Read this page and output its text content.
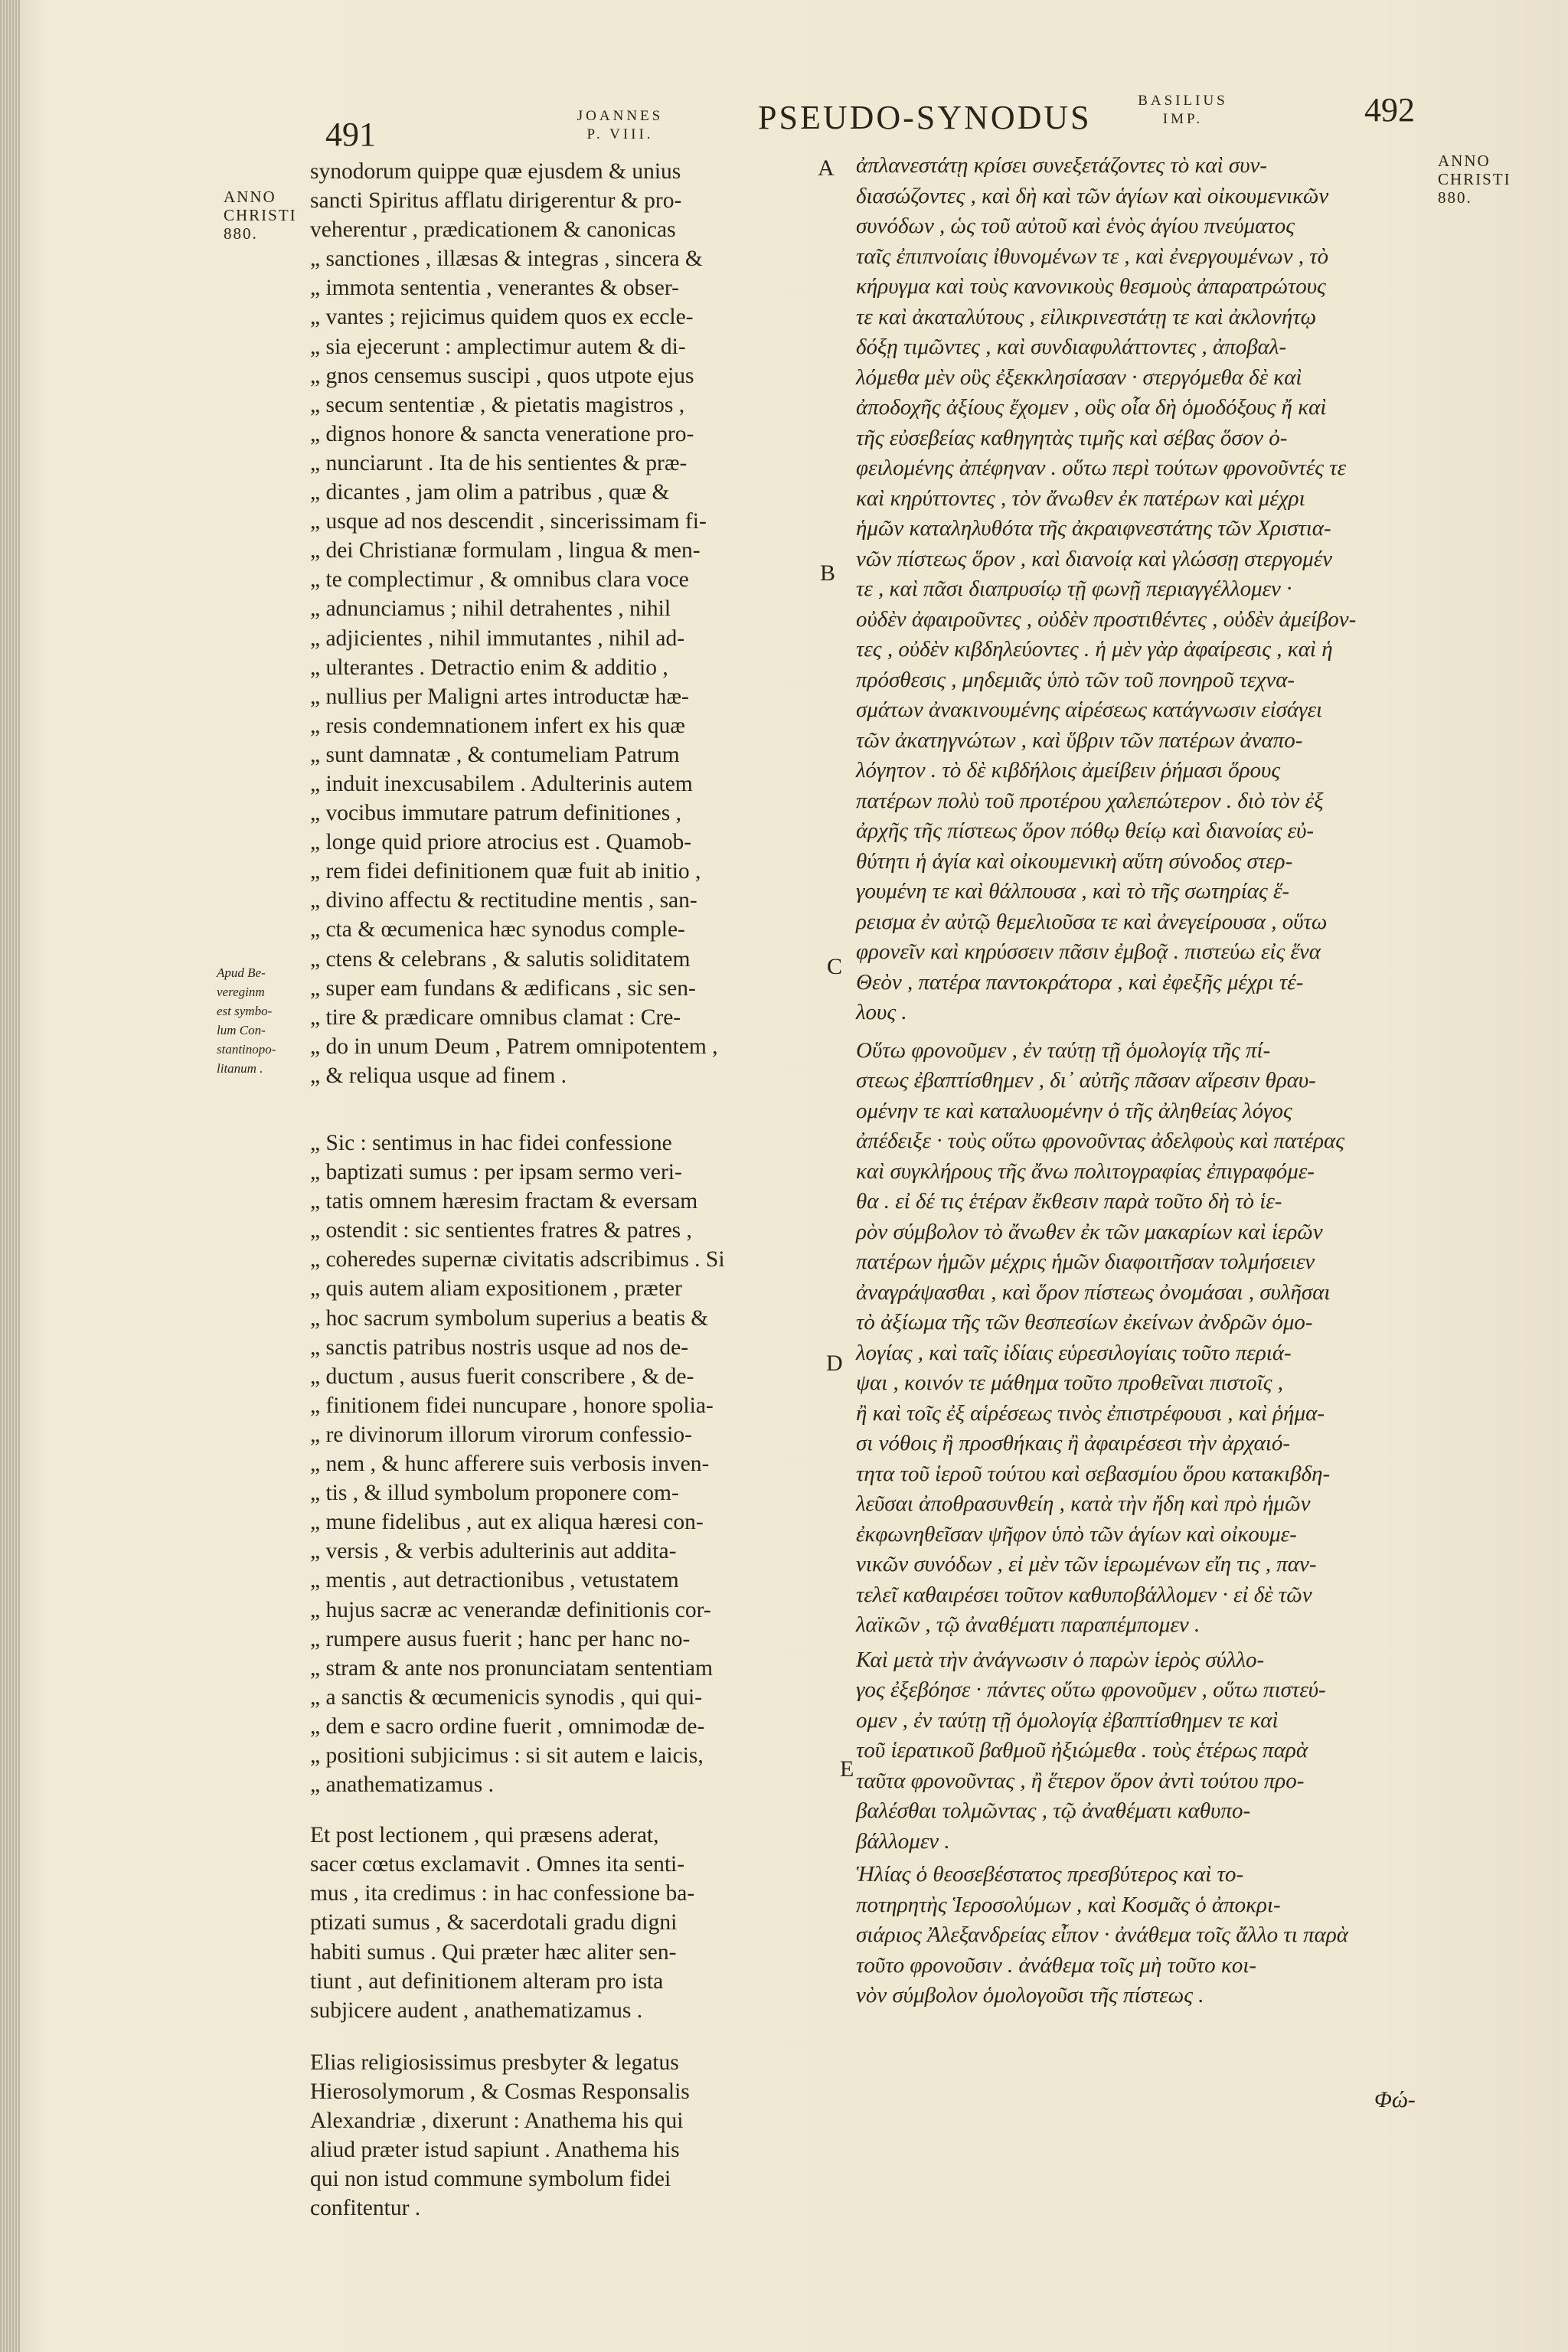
491	JOANNES
P. VIII.	PSEUDO-SYNODUS	BASILIUS
IMP.	492
ANNO
CHRISTI
880.
ANNO
CHRISTI
880.
Apud Be-
vereginm
est symbo-
lum Con-
stantinopo-
litanum .
A
B
C
D
E

synodorum quippe quæ ejusdem & unius
sancti Spiritus afflatu dirigerentur & pro-
veherentur , prædicationem & canonicas
„ sanctiones , illæsas & integras , sincera &
„ immota sententia , venerantes & obser-
„ vantes ; rejicimus quidem quos ex eccle-
„ sia ejecerunt : amplectimur autem & di-
„ gnos censemus suscipi , quos utpote ejus
„ secum sententiæ , & pietatis magistros ,
„ dignos honore & sancta veneratione pro-
„ nunciarunt . Ita de his sentientes & præ-
„ dicantes , jam olim a patribus , quæ &
„ usque ad nos descendit , sincerissimam fi-
„ dei Christianæ formulam , lingua & men-
„ te complectimur , & omnibus clara voce
„ adnunciamus ; nihil detrahentes , nihil
„ adjicientes , nihil immutantes , nihil ad-
„ ulterantes . Detractio enim & additio ,
„ nullius per Maligni artes introductæ hæ-
„ resis condemnationem infert ex his quæ
„ sunt damnatæ , & contumeliam Patrum
„ induit inexcusabilem . Adulterinis autem
„ vocibus immutare patrum definitiones ,
„ longe quid priore atrocius est . Quamob-
„ rem fidei definitionem quæ fuit ab initio ,
„ divino affectu & rectitudine mentis , san-
„ cta & œcumenica hæc synodus comple-
„ ctens & celebrans , & salutis soliditatem
„ super eam fundans & ædificans , sic sen-
„ tire & prædicare omnibus clamat : Cre-
„ do in unum Deum , Patrem omnipotentem ,
„ & reliqua usque ad finem .

„ Sic : sentimus in hac fidei confessione
„ baptizati sumus : per ipsam sermo veri-
„ tatis omnem hæresim fractam & eversam
„ ostendit : sic sentientes fratres & patres ,
„ coheredes supernæ civitatis adscribimus . Si
„ quis autem aliam expositionem , præter
„ hoc sacrum symbolum superius a beatis &
„ sanctis patribus nostris usque ad nos de-
„ ductum , ausus fuerit conscribere , & de-
„ finitionem fidei nuncupare , honore spolia-
„ re divinorum illorum virorum confessio-
„ nem , & hunc afferere suis verbosis inven-
„ tis , & illud symbolum proponere com-
„ mune fidelibus , aut ex aliqua hæresi con-
„ versis , & verbis adulterinis aut addita-
„ mentis , aut detractionibus , vetustatem
„ hujus sacræ ac venerandæ definitionis cor-
„ rumpere ausus fuerit ; hanc per hanc no-
„ stram & ante nos pronunciatam sententiam
„ a sanctis & œcumenicis synodis , qui qui-
„ dem e sacro ordine fuerit , omnimodæ de-
„ positioni subjicimus : si sit autem e laicis,
„ anathematizamus .

Et post lectionem , qui præsens aderat,
sacer cœtus exclamavit . Omnes ita senti-
mus , ita credimus : in hac confessione ba-
ptizati sumus , & sacerdotali gradu digni
habiti sumus . Qui præter hæc aliter sen-
tiunt , aut definitionem alteram pro ista
subjicere audent , anathematizamus .

Elias religiosissimus presbyter & legatus
Hierosolymorum , & Cosmas Responsalis
Alexandriæ , dixerunt : Anathema his qui
aliud præter istud sapiunt . Anathema his
qui non istud commune symbolum fidei
confitentur .

ἀπλανεστάτῃ κρίσει συνεξετάζοντες τὸ καὶ συν-
διασώζοντες , καὶ δὴ καὶ τῶν ἁγίων καὶ οἰκουμενικῶν
συνόδων , ὡς τοῦ αὐτοῦ καὶ ἑνὸς ἁγίου πνεύματος
ταῖς ἐπιπνοίαις ἰθυνομένων τε , καὶ ἐνεργουμένων , τὸ
κήρυγμα καὶ τοὺς κανονικοὺς θεσμοὺς ἀπαρατρώτους
τε καὶ ἀκαταλύτους , εἰλικρινεστάτῃ τε καὶ ἀκλονήτῳ
δόξῃ τιμῶντες , καὶ συνδιαφυλάττοντες , ἀποβαλ-
λόμεθα μὲν οὓς ἐξεκκλησίασαν · στεργόμεθα δὲ καὶ
ἀποδοχῆς ἀξίους ἔχομεν , οὓς οἷα δὴ ὁμοδόξους ἤ καὶ
τῆς εὐσεβείας καθηγητὰς τιμῆς καὶ σέβας ὅσον ὀ-
φειλομένης ἀπέφηναν . οὕτω περὶ τούτων φρονοῦντές τε
καὶ κηρύττοντες , τὸν ἄνωθεν ἐκ πατέρων καὶ μέχρι
ἡμῶν καταληλυθότα τῆς ἀκραιφνεστάτης τῶν Χριστια-
νῶν πίστεως ὅρον , καὶ διανοίᾳ καὶ γλώσσῃ στεργομέν
τε , καὶ πᾶσι διαπρυσίῳ τῇ φωνῇ περιαγγέλλομεν ·
οὐδὲν ἀφαιροῦντες , οὐδὲν προστιθέντες , οὐδὲν ἀμείβον-
τες , οὐδὲν κιβδηλεύοντες . ἡ μὲν γὰρ ἀφαίρεσις , καὶ ἡ
πρόσθεσις , μηδεμιᾶς ὑπὸ τῶν τοῦ πονηροῦ τεχνα-
σμάτων ἀνακινουμένης αἱρέσεως κατάγνωσιν εἰσάγει
τῶν ἀκατηγνώτων , καὶ ὕβριν τῶν πατέρων ἀναπο-
λόγητον . τὸ δὲ κιβδήλοις ἀμείβειν ῥήμασι ὅρους
πατέρων πολὺ τοῦ προτέρου χαλεπώτερον . διὸ τὸν ἐξ
ἀρχῆς τῆς πίστεως ὅρον πόθῳ θείῳ καὶ διανοίας εὐ-
θύτητι ἡ ἁγία καὶ οἰκουμενικὴ αὕτη σύνοδος στερ-
γουμένη τε καὶ θάλπουσα , καὶ τὸ τῆς σωτηρίας ἕ-
ρεισμα ἐν αὐτῷ θεμελιοῦσα τε καὶ ἀνεγείρουσα , οὕτω
φρονεῖν καὶ κηρύσσειν πᾶσιν ἐμβοᾷ . πιστεύω εἰς ἕνα
Θεὸν , πατέρα παντοκράτορα , καὶ ἐφεξῆς μέχρι τέ-
λους .

Οὕτω φρονοῦμεν , ἐν ταύτῃ τῇ ὁμολογίᾳ τῆς πί-
στεως ἐβαπτίσθημεν , δι᾽ αὐτῆς πᾶσαν αἵρεσιν θραυ-
ομένην τε καὶ καταλυομένην ὁ τῆς ἀληθείας λόγος
ἀπέδειξε · τοὺς οὕτω φρονοῦντας ἀδελφοὺς καὶ πατέρας
καὶ συγκλήρους τῆς ἄνω πολιτογραφίας ἐπιγραφόμε-
θα . εἰ δέ τις ἑτέραν ἔκθεσιν παρὰ τοῦτο δὴ τὸ ἱε-
ρὸν σύμβολον τὸ ἄνωθεν ἐκ τῶν μακαρίων καὶ ἱερῶν
πατέρων ἡμῶν μέχρις ἡμῶν διαφοιτῆσαν τολμήσειεν
ἀναγράψασθαι , καὶ ὅρον πίστεως ὀνομάσαι , συλῆσαι
τὸ ἀξίωμα τῆς τῶν θεσπεσίων ἐκείνων ἀνδρῶν ὁμο-
λογίας , καὶ ταῖς ἰδίαις εὑρεσιλογίαις τοῦτο περιά-
ψαι , κοινόν τε μάθημα τοῦτο προθεῖναι πιστοῖς ,
ἢ καὶ τοῖς ἐξ αἱρέσεως τινὸς ἐπιστρέφουσι , καὶ ῥήμα-
σι νόθοις ἢ προσθήκαις ἢ ἀφαιρέσεσι τὴν ἀρχαιό-
τητα τοῦ ἱεροῦ τούτου καὶ σεβασμίου ὅρου κατακιβδη-
λεῦσαι ἀποθρασυνθείη , κατὰ τὴν ἤδη καὶ πρὸ ἡμῶν
ἐκφωνηθεῖσαν ψῆφον ὑπὸ τῶν ἁγίων καὶ οἰκουμε-
νικῶν συνόδων , εἰ μὲν τῶν ἱερωμένων εἴη τις , παν-
τελεῖ καθαιρέσει τοῦτον καθυποβάλλομεν · εἰ δὲ τῶν
λαϊκῶν , τῷ ἀναθέματι παραπέμπομεν .

Καὶ μετὰ τὴν ἀνάγνωσιν ὁ παρὼν ἱερὸς σύλλο-
γος ἐξεβόησε · πάντες οὕτω φρονοῦμεν , οὕτω πιστεύ-
ομεν , ἐν ταύτῃ τῇ ὁμολογίᾳ ἐβαπτίσθημεν τε καὶ
τοῦ ἱερατικοῦ βαθμοῦ ἠξιώμεθα . τοὺς ἑτέρως παρὰ
ταῦτα φρονοῦντας , ἢ ἕτερον ὅρον ἀντὶ τούτου προ-
βαλέσθαι τολμῶντας , τῷ ἀναθέματι καθυπο-
βάλλομεν .

Ἡλίας ὁ θεοσεβέστατος πρεσβύτερος καὶ το-
ποτηρητὴς Ἱεροσολύμων , καὶ Κοσμᾶς ὁ ἀποκρι-
σιάριος Ἀλεξανδρείας εἶπον · ἀνάθεμα τοῖς ἄλλο τι παρὰ
τοῦτο φρονοῦσιν . ἀνάθεμα τοῖς μὴ τοῦτο κοι-
νὸν σύμβολον ὁμολογοῦσι τῆς πίστεως .

Φώ-
